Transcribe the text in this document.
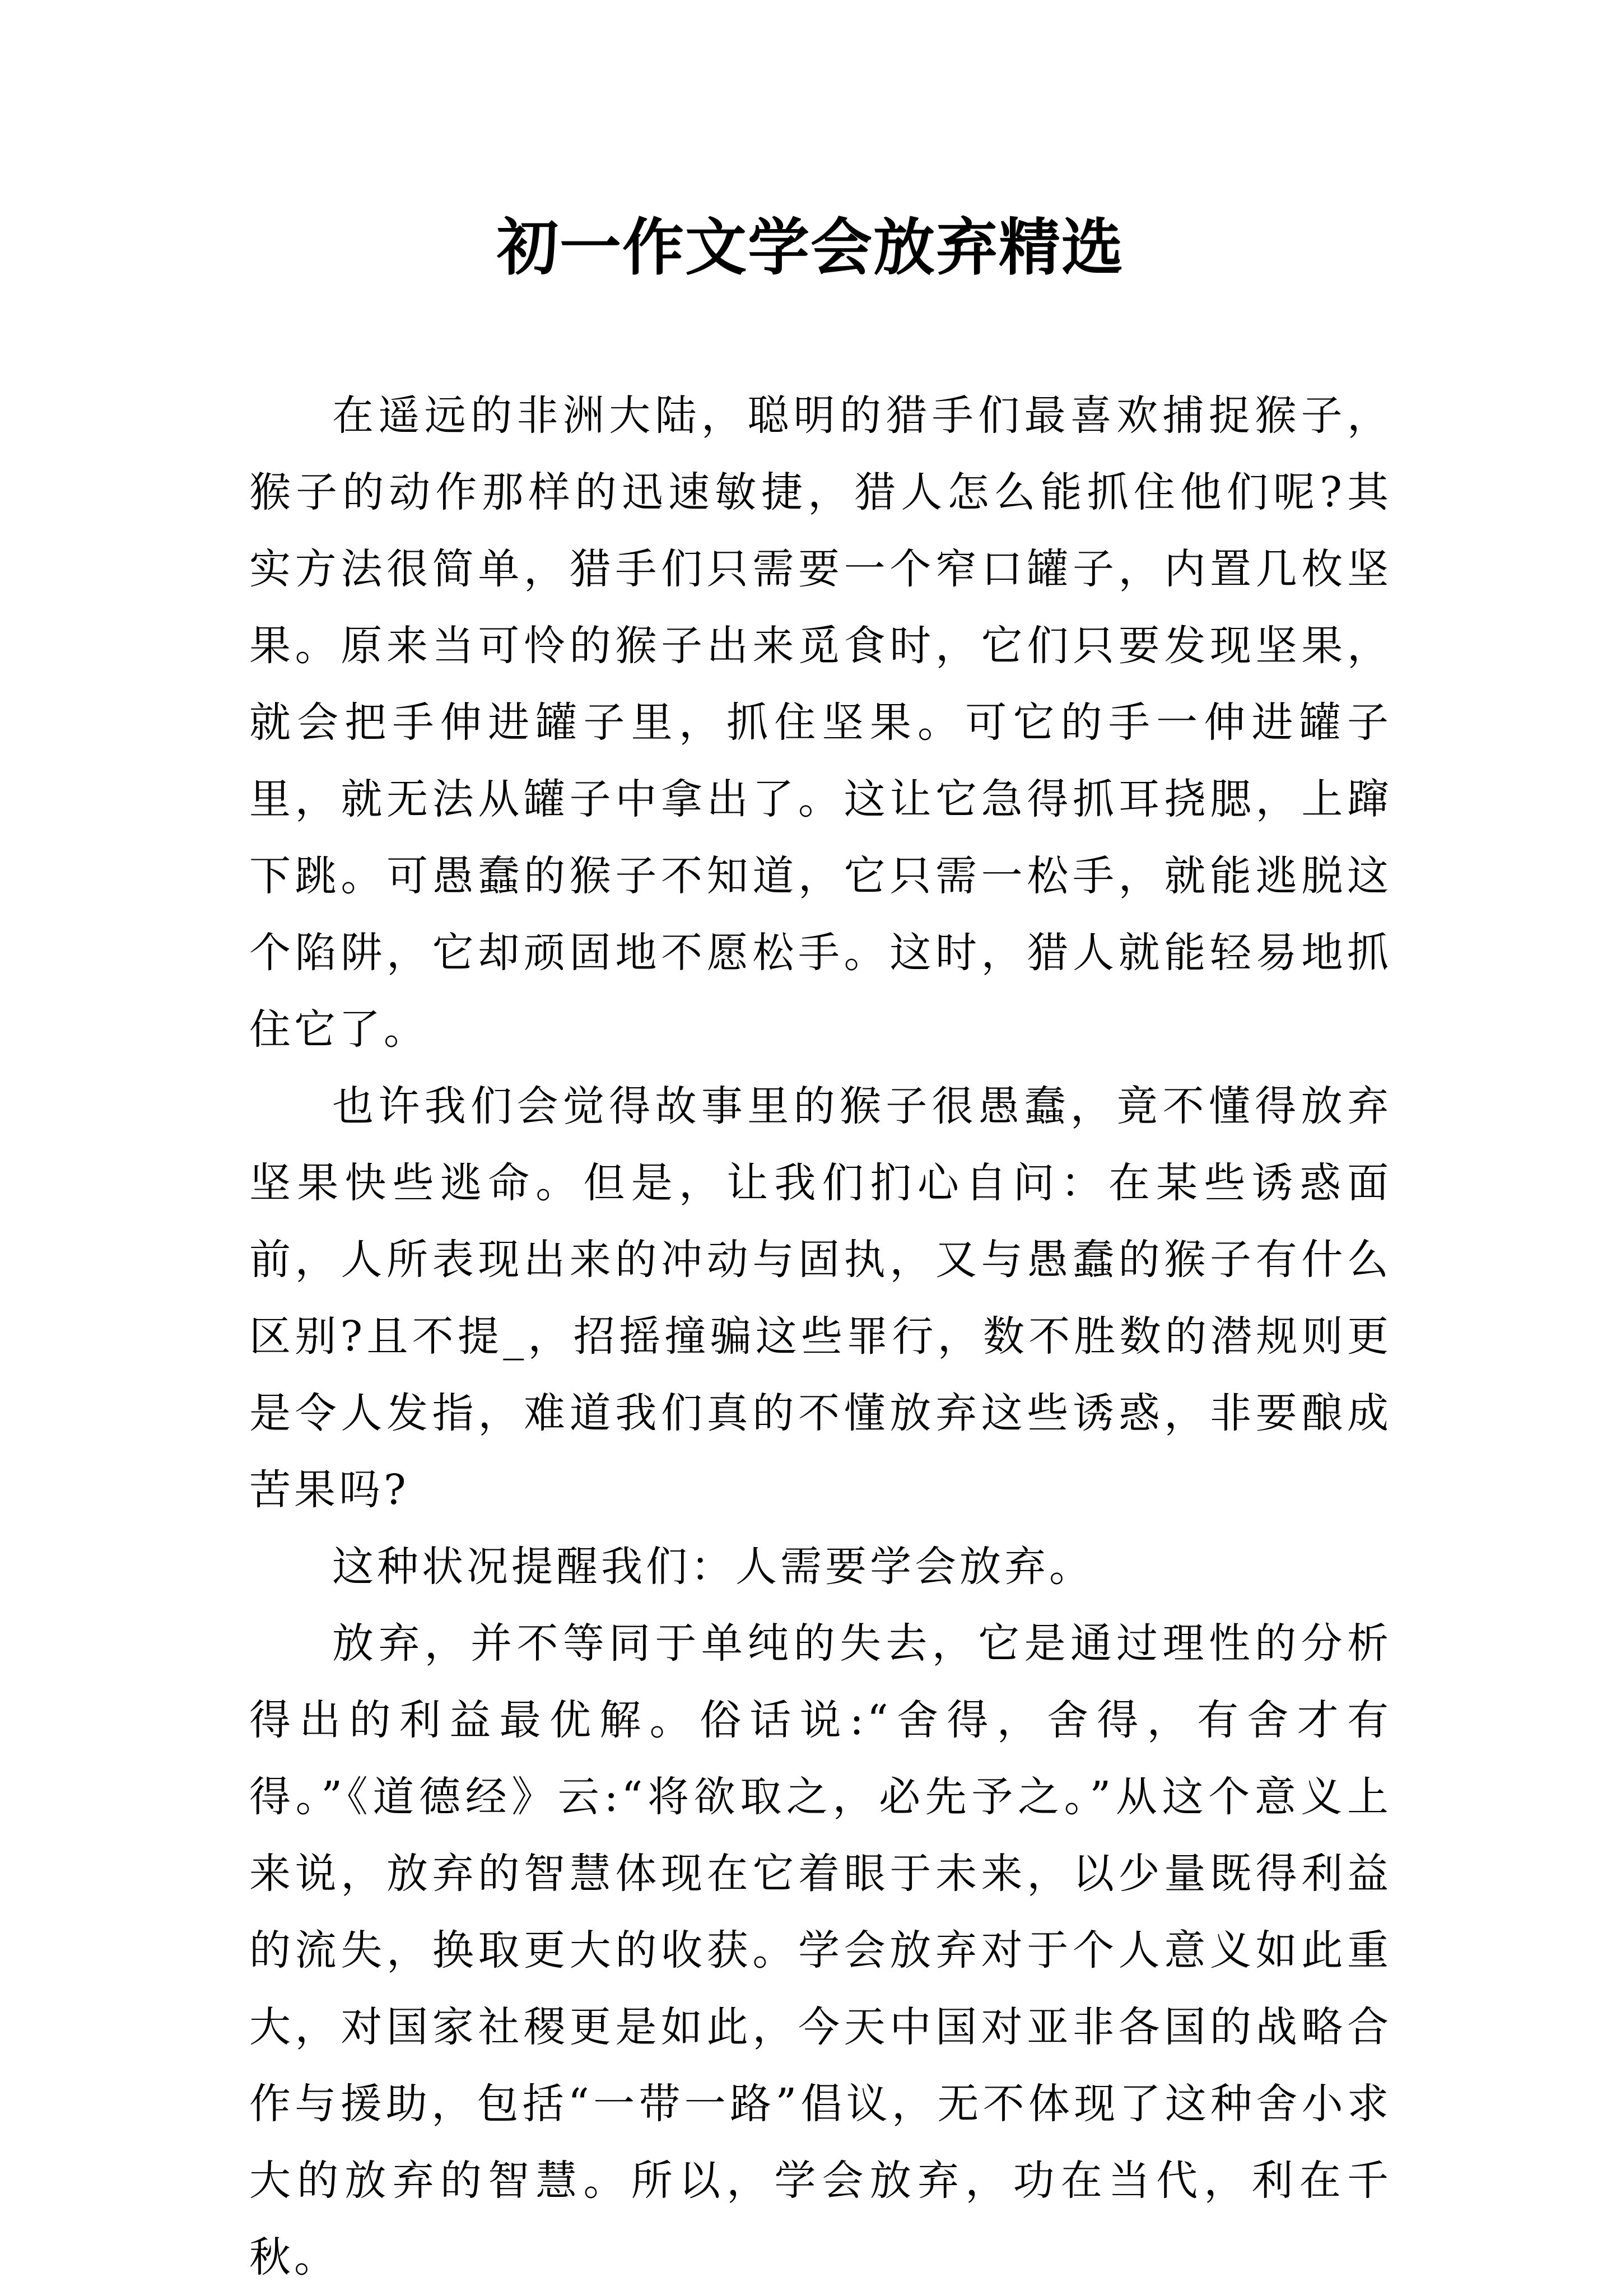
初一作文学会放弃精选

在遥远的非洲大陆，聪明的猎手们最喜欢捕捉猴子，猴子的动作那样的迅速敏捷，猎人怎么能抓住他们呢?其实方法很简单，猎手们只需要一个窄口罐子，内置几枚坚果。原来当可怜的猴子出来觅食时，它们只要发现坚果，就会把手伸进罐子里，抓住坚果。可它的手一伸进罐子里，就无法从罐子中拿出了。这让它急得抓耳挠腮，上蹿下跳。可愚蠢的猴子不知道，它只需一松手，就能逃脱这个陷阱，它却顽固地不愿松手。这时，猎人就能轻易地抓住它了。

也许我们会觉得故事里的猴子很愚蠢，竟不懂得放弃坚果快些逃命。但是，让我们扪心自问：在某些诱惑面前，人所表现出来的冲动与固执，又与愚蠢的猴子有什么区别?且不提_，招摇撞骗这些罪行，数不胜数的潜规则更是令人发指，难道我们真的不懂放弃这些诱惑，非要酿成苦果吗?

这种状况提醒我们：人需要学会放弃。

放弃，并不等同于单纯的失去，它是通过理性的分析得出的利益最优解。俗话说:“舍得，舍得，有舍才有得。”《道德经》云:“将欲取之，必先予之。”从这个意义上来说，放弃的智慧体现在它着眼于未来，以少量既得利益的流失，换取更大的收获。学会放弃对于个人意义如此重大，对国家社稷更是如此，今天中国对亚非各国的战略合作与援助，包括“一带一路”倡议，无不体现了这种舍小求大的放弃的智慧。所以，学会放弃，功在当代，利在千秋。
